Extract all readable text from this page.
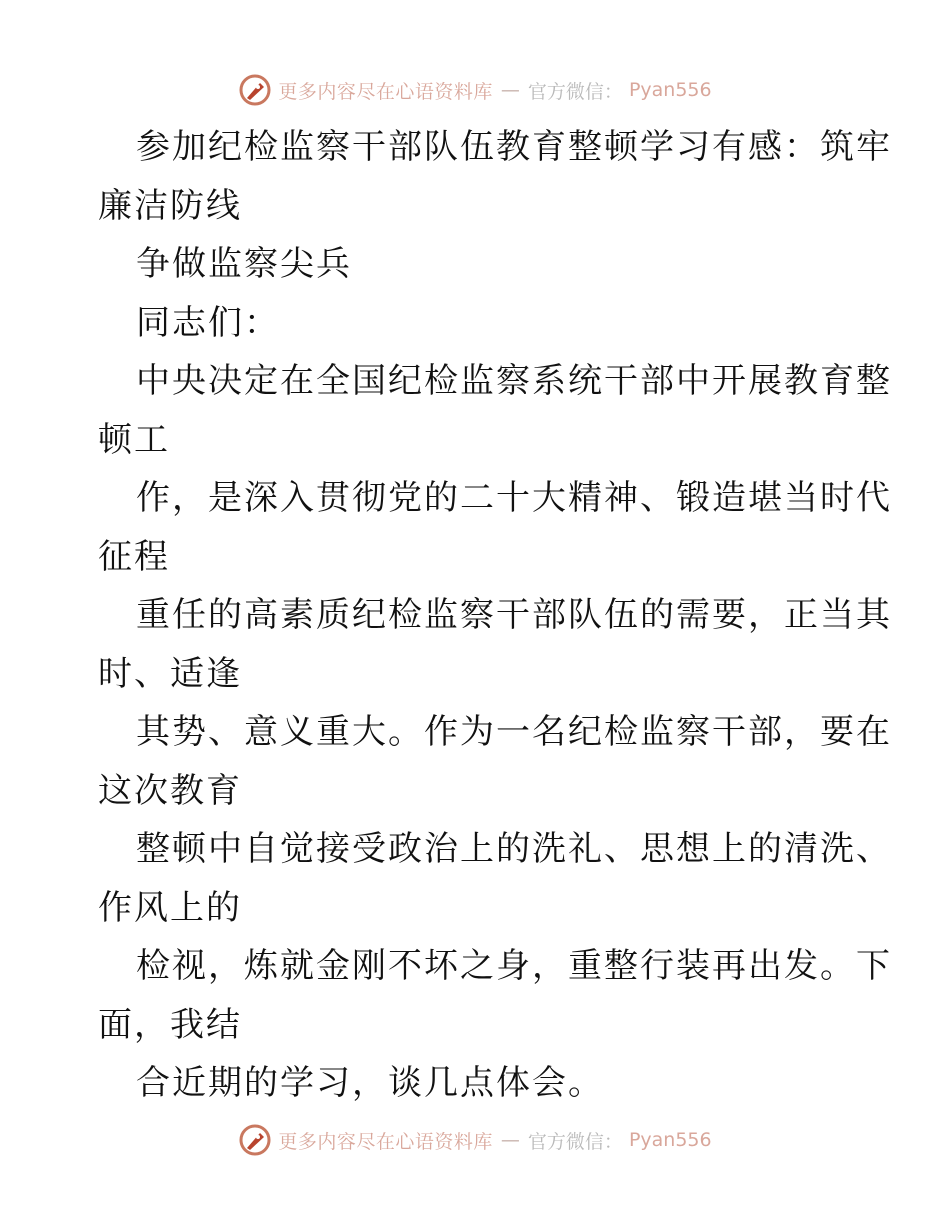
更多内容尽在心语资料库 — 官方微信： Pyan556
参加纪检监察干部队伍教育整顿学习有感：筑牢
廉洁防线
争做监察尖兵
同志们：
中央决定在全国纪检监察系统干部中开展教育整
顿工
作，是深入贯彻党的二十大精神、锻造堪当时代
征程
重任的高素质纪检监察干部队伍的需要，正当其
时、适逢
其势、意义重大。作为一名纪检监察干部，要在
这次教育
整顿中自觉接受政治上的洗礼、思想上的清洗、
作风上的
检视，炼就金刚不坏之身，重整行装再出发。下
面，我结
合近期的学习，谈几点体会。
更多内容尽在心语资料库 — 官方微信： Pyan556
